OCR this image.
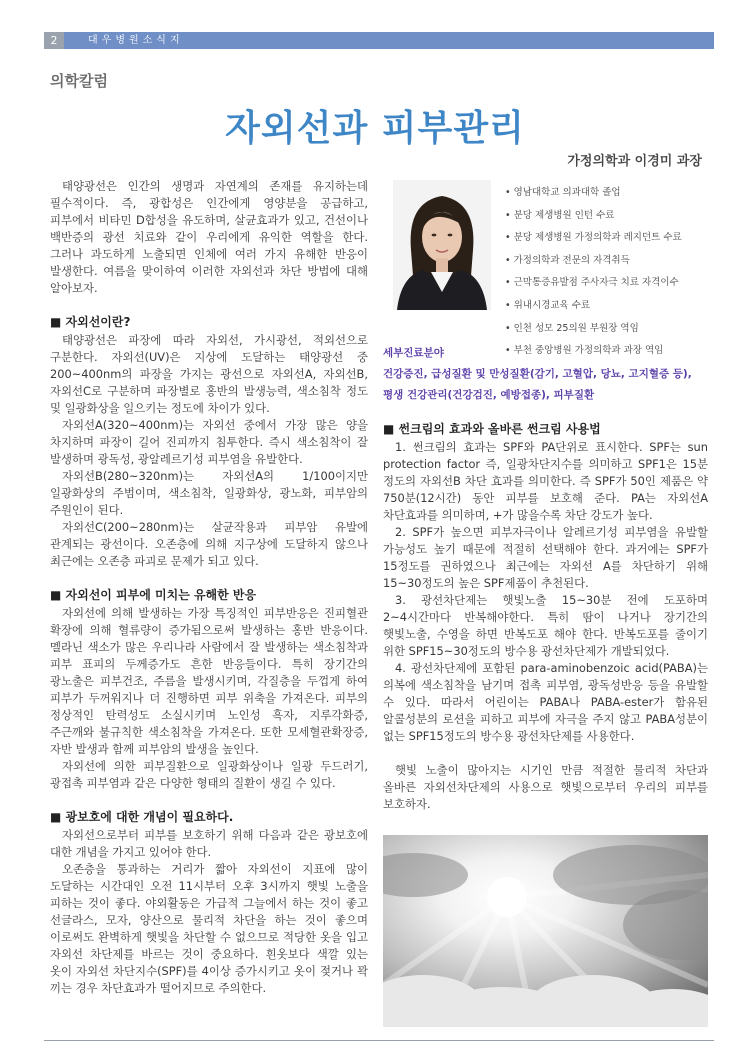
2	대우병원소식지
의학칼럼
자외선과 피부관리
가정의학과 이경미 과장

태양광선은 인간의 생명과 자연계의 존재를 유지하는데 필수적이다. 즉, 광합성은 인간에게 영양분을 공급하고, 피부에서 비타민 D합성을 유도하며, 살균효과가 있고, 건선이나 백반증의 광선 치료와 같이 우리에게 유익한 역할을 한다. 그러나 과도하게 노출되면 인체에 여러 가지 유해한 반응이 발생한다. 여름을 맞이하여 이러한 자외선과 차단 방법에 대해 알아보자.

■ 자외선이란?

태양광선은 파장에 따라 자외선, 가시광선, 적외선으로 구분한다. 자외선(UV)은 지상에 도달하는 태양광선 중 200~400nm의 파장을 가지는 광선으로 자외선A, 자외선B, 자외선C로 구분하며 파장별로 홍반의 발생능력, 색소침착 정도 및 일광화상을 일으키는 정도에 차이가 있다.

자외선A(320~400nm)는 자외선 중에서 가장 많은 양을 차지하며 파장이 길어 진피까지 침투한다. 즉시 색소침착이 잘 발생하며 광독성, 광알레르기성 피부염을 유발한다.

자외선B(280~320nm)는 자외선A의 1/100이지만 일광화상의 주범이며, 색소침착, 일광화상, 광노화, 피부암의 주원인이 된다.

자외선C(200~280nm)는 살균작용과 피부암 유발에 관계되는 광선이다. 오존층에 의해 지구상에 도달하지 않으나 최근에는 오존층 파괴로 문제가 되고 있다.

■ 자외선이 피부에 미치는 유해한 반응

자외선에 의해 발생하는 가장 특징적인 피부반응은 진피혈관 확장에 의해 혈류량이 증가됨으로써 발생하는 홍반 반응이다. 멜라닌 색소가 많은 우리나라 사람에서 잘 발생하는 색소침착과 피부 표피의 두께증가도 흔한 반응들이다. 특히 장기간의 광노출은 피부건조, 주름을 발생시키며, 각질층을 두껍게 하여 피부가 두꺼워지나 더 진행하면 피부 위축을 가져온다. 피부의 정상적인 탄력성도 소실시키며 노인성 흑자, 지루각화증, 주근깨와 불규칙한 색소침착을 가져온다. 또한 모세혈관확장증, 자반 발생과 함께 피부암의 발생을 높인다.

자외선에 의한 피부질환으로 일광화상이나 일광 두드러기, 광접촉 피부염과 같은 다양한 형태의 질환이 생길 수 있다.

■ 광보호에 대한 개념이 필요하다.

자외선으로부터 피부를 보호하기 위해 다음과 같은 광보호에 대한 개념을 가지고 있어야 한다.

오존층을 통과하는 거리가 짧아 자외선이 지표에 많이 도달하는 시간대인 오전 11시부터 오후 3시까지 햇빛 노출을 피하는 것이 좋다. 야외활동은 가급적 그늘에서 하는 것이 좋고 선글라스, 모자, 양산으로 물리적 차단을 하는 것이 좋으며 이로써도 완벽하게 햇빛을 차단할 수 없으므로 적당한 옷을 입고 자외선 차단제를 바르는 것이 중요하다. 흰옷보다 색깔 있는 옷이 자외선 차단지수(SPF)를 4이상 증가시키고 옷이 젖거나 꽉 끼는 경우 차단효과가 떨어지므로 주의한다.

• 영남대학교 의과대학 졸업
• 분당 제생병원 인턴 수료
• 분당 제생병원 가정의학과 레지던트 수료
• 가정의학과 전문의 자격취득
• 근막통증유발점 주사자극 치료 자격이수
• 위내시경교육 수료
• 인천 성모 25의원 부원장 역임
• 부천 중앙병원 가정의학과 과장 역임
세부진료분야
건강증진, 급성질환 및 만성질환(감기, 고혈압, 당뇨, 고지혈증 등),
평생 건강관리(건강검진, 예방접종), 피부질환
■ 썬크림의 효과와 올바른 썬크림 사용법

1. 썬크림의 효과는 SPF와 PA단위로 표시한다. SPF는 sun protection factor 즉, 일광차단지수를 의미하고 SPF1은 15분 정도의 자외선B 차단 효과를 의미한다. 즉 SPF가 50인 제품은 약 750분(12시간) 동안 피부를 보호해 준다. PA는 자외선A 차단효과를 의미하며, +가 많을수록 차단 강도가 높다.

2. SPF가 높으면 피부자극이나 알레르기성 피부염을 유발할 가능성도 높기 때문에 적절히 선택해야 한다. 과거에는 SPF가 15정도를 권하였으나 최근에는 자외선 A를 차단하기 위해 15~30정도의 높은 SPF제품이 추천된다.

3. 광선차단제는 햇빛노출 15~30분 전에 도포하며 2~4시간마다 반복해야한다. 특히 땀이 나거나 장기간의 햇빛노출, 수영을 하면 반복도포 해야 한다. 반복도포를 줄이기 위한 SPF15~30정도의 방수용 광선차단제가 개발되었다.

4. 광선차단제에 포함된 para-aminobenzoic acid(PABA)는 의복에 색소침착을 남기며 접촉 피부염, 광독성반응 등을 유발할 수 있다. 따라서 어린이는 PABA나 PABA-ester가 함유된 알콜성분의 로션을 피하고 피부에 자극을 주지 않고 PABA성분이 없는 SPF15정도의 방수용 광선차단제를 사용한다.

햇빛 노출이 많아지는 시기인 만큼 적절한 물리적 차단과 올바른 자외선차단제의 사용으로 햇빛으로부터 우리의 피부를 보호하자.
